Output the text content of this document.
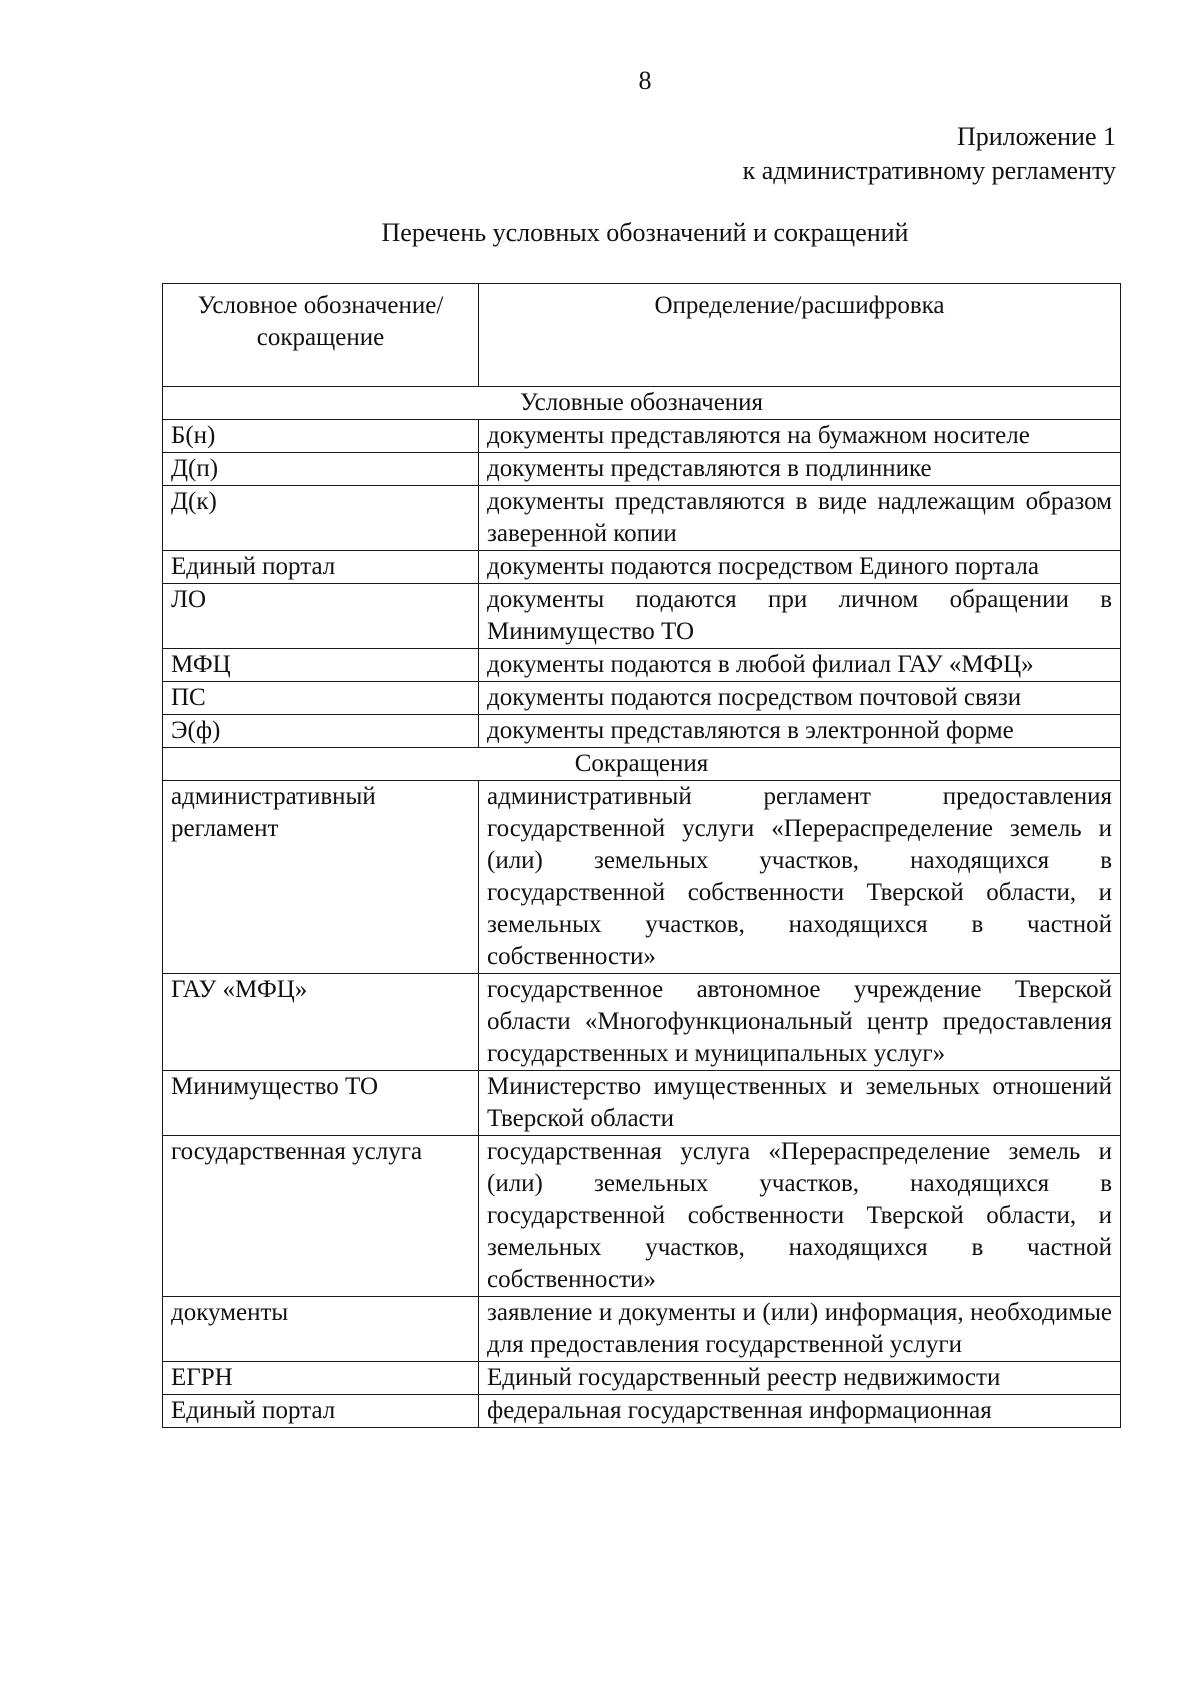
8
Приложение 1
к административному регламенту
Перечень условных обозначений и сокращений
Условное обозначение/сокращение	Определение/расшифровка
Условные обозначения	
Б(н)	документы представляются на бумажном носителе
Д(п)	документы представляются в подлиннике
Д(к)	документы представляются в виде надлежащим образом заверенной копии
Единый портал	документы подаются посредством Единого портала
ЛО	документы подаются при личном обращении в Минимущество ТО
МФЦ	документы подаются в любой филиал ГАУ «МФЦ»
ПС	документы подаются посредством почтовой связи
Э(ф)	документы представляются в электронной форме
Сокращения	
административный регламент	административный регламент предоставления государственной услуги «Перераспределение земель и (или) земельных участков, находящихся в государственной собственности Тверской области, и земельных участков, находящихся в частной собственности»
ГАУ «МФЦ»	государственное автономное учреждение Тверской области «Многофункциональный центр предоставления государственных и муниципальных услуг»
Минимущество ТО	Министерство имущественных и земельных отношений Тверской области
государственная услуга	государственная услуга «Перераспределение земель и (или) земельных участков, находящихся в государственной собственности Тверской области, и земельных участков, находящихся в частной собственности»
документы	заявление и документы и (или) информация, необходимые для предоставления государственной услуги
ЕГРН	Единый государственный реестр недвижимости
Единый портал	федеральная государственная информационная
